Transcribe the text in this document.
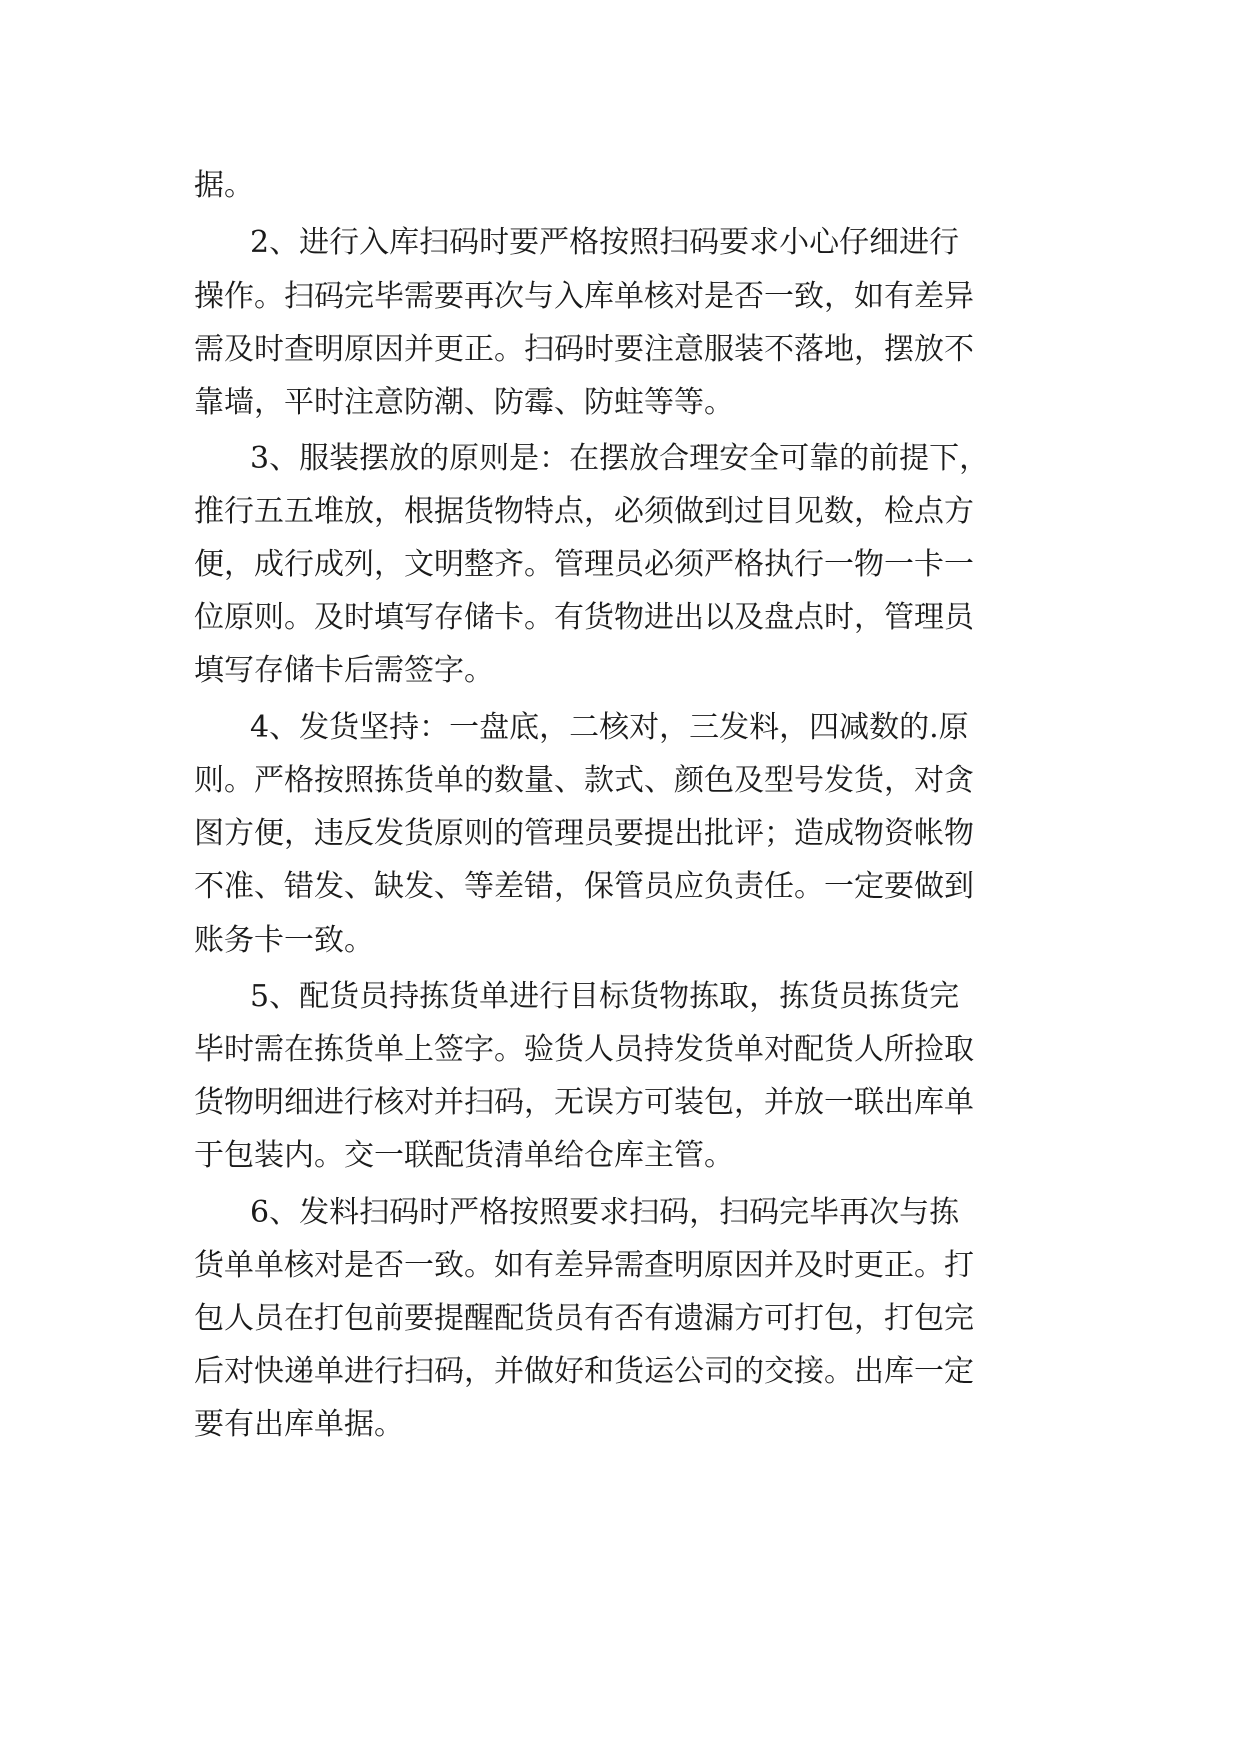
据。
2、进行入库扫码时要严格按照扫码要求小心仔细进行
操作。扫码完毕需要再次与入库单核对是否一致，如有差异
需及时查明原因并更正。扫码时要注意服装不落地，摆放不
靠墙，平时注意防潮、防霉、防蛀等等。
3、服装摆放的原则是：在摆放合理安全可靠的前提下，
推行五五堆放，根据货物特点，必须做到过目见数，检点方
便，成行成列，文明整齐。管理员必须严格执行一物一卡一
位原则。及时填写存储卡。有货物进出以及盘点时，管理员
填写存储卡后需签字。
4、发货坚持：一盘底，二核对，三发料，四减数的.原
则。严格按照拣货单的数量、款式、颜色及型号发货，对贪
图方便，违反发货原则的管理员要提出批评；造成物资帐物
不准、错发、缺发、等差错，保管员应负责任。一定要做到
账务卡一致。
5、配货员持拣货单进行目标货物拣取，拣货员拣货完
毕时需在拣货单上签字。验货人员持发货单对配货人所捡取
货物明细进行核对并扫码，无误方可装包，并放一联出库单
于包装内。交一联配货清单给仓库主管。
6、发料扫码时严格按照要求扫码，扫码完毕再次与拣
货单单核对是否一致。如有差异需查明原因并及时更正。打
包人员在打包前要提醒配货员有否有遗漏方可打包，打包完
后对快递单进行扫码，并做好和货运公司的交接。出库一定
要有出库单据。
